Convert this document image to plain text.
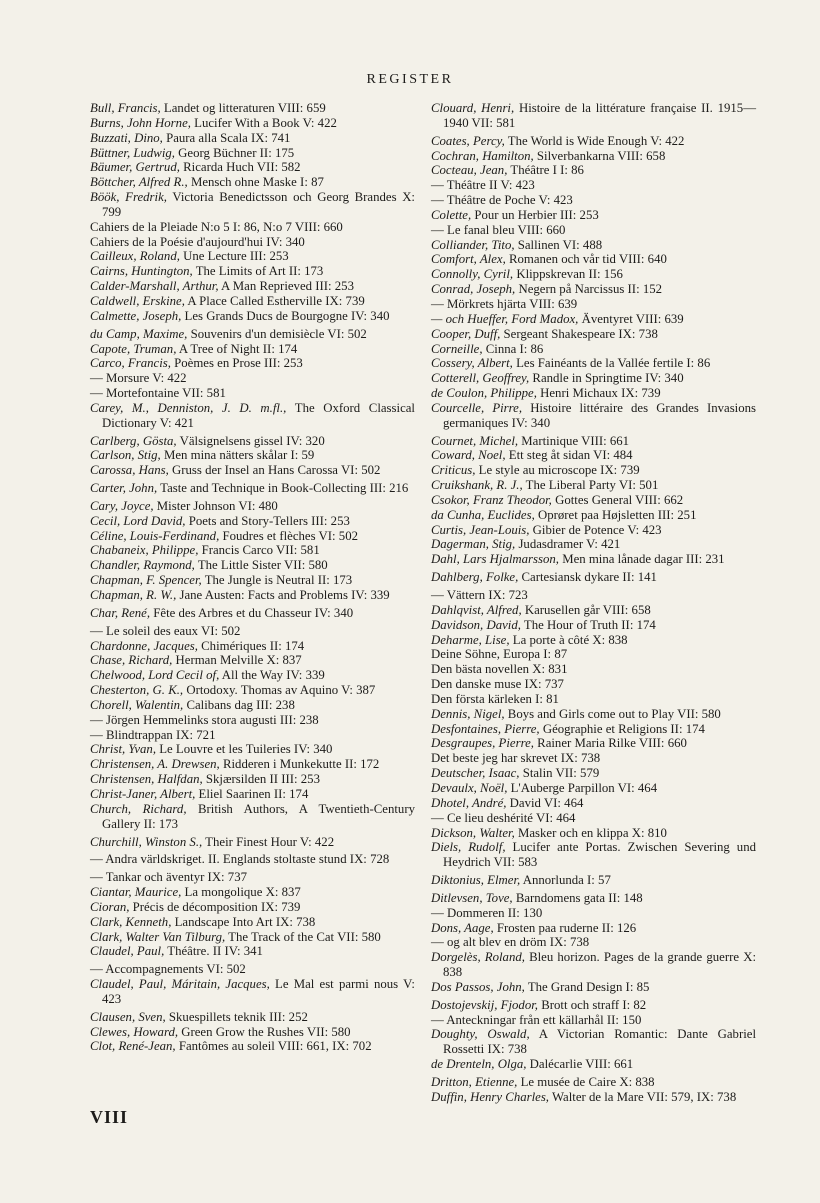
REGISTER
Bull, Francis, Landet og litteraturen VIII: 659
Burns, John Horne, Lucifer With a Book V: 422
Buzzati, Dino, Paura alla Scala IX: 741
Büttner, Ludwig, Georg Büchner II: 175
Bäumer, Gertrud, Ricarda Huch VII: 582
Böttcher, Alfred R., Mensch ohne Maske I: 87
Böök, Fredrik, Victoria Benedictsson och Georg Brandes X: 799
Cahiers de la Pleiade N:o 5 I: 86, N:o 7 VIII: 660
Cahiers de la Poésie d'aujourd'hui IV: 340
Cailleux, Roland, Une Lecture III: 253
Cairns, Huntington, The Limits of Art II: 173
Calder-Marshall, Arthur, A Man Reprieved III: 253
Caldwell, Erskine, A Place Called Estherville IX: 739
Calmette, Joseph, Les Grands Ducs de Bourgogne IV: 340
du Camp, Maxime, Souvenirs d'un demisiècle VI: 502
Capote, Truman, A Tree of Night II: 174
Carco, Francis, Poèmes en Prose III: 253
— Morsure V: 422
— Mortefontaine VII: 581
Carey, M., Denniston, J. D. m.fl., The Oxford Classical Dictionary V: 421
Carlberg, Gösta, Välsignelsens gissel IV: 320
Carlson, Stig, Men mina nätters skålar I: 59
Carossa, Hans, Gruss der Insel an Hans Carossa VI: 502
Carter, John, Taste and Technique in Book-Collecting III: 216
Cary, Joyce, Mister Johnson VI: 480
Cecil, Lord David, Poets and Story-Tellers III: 253
Céline, Louis-Ferdinand, Foudres et flèches VI: 502
Chabaneix, Philippe, Francis Carco VII: 581
Chandler, Raymond, The Little Sister VII: 580
Chapman, F. Spencer, The Jungle is Neutral II: 173
Chapman, R. W., Jane Austen: Facts and Problems IV: 339
Char, René, Fête des Arbres et du Chasseur IV: 340
— Le soleil des eaux VI: 502
Chardonne, Jacques, Chimériques II: 174
Chase, Richard, Herman Melville X: 837
Chelwood, Lord Cecil of, All the Way IV: 339
Chesterton, G. K., Ortodoxy. Thomas av Aquino V: 387
Chorell, Walentin, Calibans dag III: 238
— Jörgen Hemmelinks stora augusti III: 238
— Blindtrappan IX: 721
Christ, Yvan, Le Louvre et les Tuileries IV: 340
Christensen, A. Drewsen, Ridderen i Munkekutte II: 172
Christensen, Halfdan, Skjærsilden II III: 253
Christ-Janer, Albert, Eliel Saarinen II: 174
Church, Richard, British Authors, A Twentieth-Century Gallery II: 173
Churchill, Winston S., Their Finest Hour V: 422
— Andra världskriget. II. Englands stoltaste stund IX: 728
— Tankar och äventyr IX: 737
Ciantar, Maurice, La mongolique X: 837
Cioran, Précis de décomposition IX: 739
Clark, Kenneth, Landscape Into Art IX: 738
Clark, Walter Van Tilburg, The Track of the Cat VII: 580
Claudel, Paul, Théâtre. II IV: 341
— Accompagnements VI: 502
Claudel, Paul, Máritain, Jacques, Le Mal est parmi nous V: 423
Clausen, Sven, Skuespillets teknik III: 252
Clewes, Howard, Green Grow the Rushes VII: 580
Clot, René-Jean, Fantômes au soleil VIII: 661, IX: 702
Clouard, Henri, Histoire de la littérature française II. 1915—1940 VII: 581
Coates, Percy, The World is Wide Enough V: 422
Cochran, Hamilton, Silverbankarna VIII: 658
Cocteau, Jean, Théâtre I I: 86
— Théâtre II V: 423
— Théâtre de Poche V: 423
Colette, Pour un Herbier III: 253
— Le fanal bleu VIII: 660
Colliander, Tito, Sallinen VI: 488
Comfort, Alex, Romanen och vår tid VIII: 640
Connolly, Cyril, Klippskrevan II: 156
Conrad, Joseph, Negern på Narcissus II: 152
— Mörkrets hjärta VIII: 639
— och Hueffer, Ford Madox, Äventyret VIII: 639
Cooper, Duff, Sergeant Shakespeare IX: 738
Corneille, Cinna I: 86
Cossery, Albert, Les Fainéants de la Vallée fertile I: 86
Cotterell, Geoffrey, Randle in Springtime IV: 340
de Coulon, Philippe, Henri Michaux IX: 739
Courcelle, Pirre, Histoire littéraire des Grandes Invasions germaniques IV: 340
Cournet, Michel, Martinique VIII: 661
Coward, Noel, Ett steg åt sidan VI: 484
Criticus, Le style au microscope IX: 739
Cruikshank, R. J., The Liberal Party VI: 501
Csokor, Franz Theodor, Gottes General VIII: 662
da Cunha, Euclides, Oprøret paa Højsletten III: 251
Curtis, Jean-Louis, Gibier de Potence V: 423
Dagerman, Stig, Judasdramer V: 421
Dahl, Lars Hjalmarsson, Men mina lånade dagar III: 231
Dahlberg, Folke, Cartesiansk dykare II: 141
— Vättern IX: 723
Dahlqvist, Alfred, Karusellen går VIII: 658
Davidson, David, The Hour of Truth II: 174
Deharme, Lise, La porte à côté X: 838
Deine Söhne, Europa I: 87
Den bästa novellen X: 831
Den danske muse IX: 737
Den första kärleken I: 81
Dennis, Nigel, Boys and Girls come out to Play VII: 580
Desfontaines, Pierre, Géographie et Religions II: 174
Desgraupes, Pierre, Rainer Maria Rilke VIII: 660
Det beste jeg har skrevet IX: 738
Deutscher, Isaac, Stalin VII: 579
Devaulx, Noël, L'Auberge Parpillon VI: 464
Dhotel, André, David VI: 464
— Ce lieu deshérité VI: 464
Dickson, Walter, Masker och en klippa X: 810
Diels, Rudolf, Lucifer ante Portas. Zwischen Severing und Heydrich VII: 583
Diktonius, Elmer, Annorlunda I: 57
Ditlevsen, Tove, Barndomens gata II: 148
— Dommeren II: 130
Dons, Aage, Frosten paa ruderne II: 126
— og alt blev en dröm IX: 738
Dorgelès, Roland, Bleu horizon. Pages de la grande guerre X: 838
Dos Passos, John, The Grand Design I: 85
Dostojevskij, Fjodor, Brott och straff I: 82
— Anteckningar från ett källarhål II: 150
Doughty, Oswald, A Victorian Romantic: Dante Gabriel Rossetti IX: 738
de Drenteln, Olga, Dalécarlie VIII: 661
Dritton, Etienne, Le musée de Caire X: 838
Duffin, Henry Charles, Walter de la Mare VII: 579, IX: 738
VIII
